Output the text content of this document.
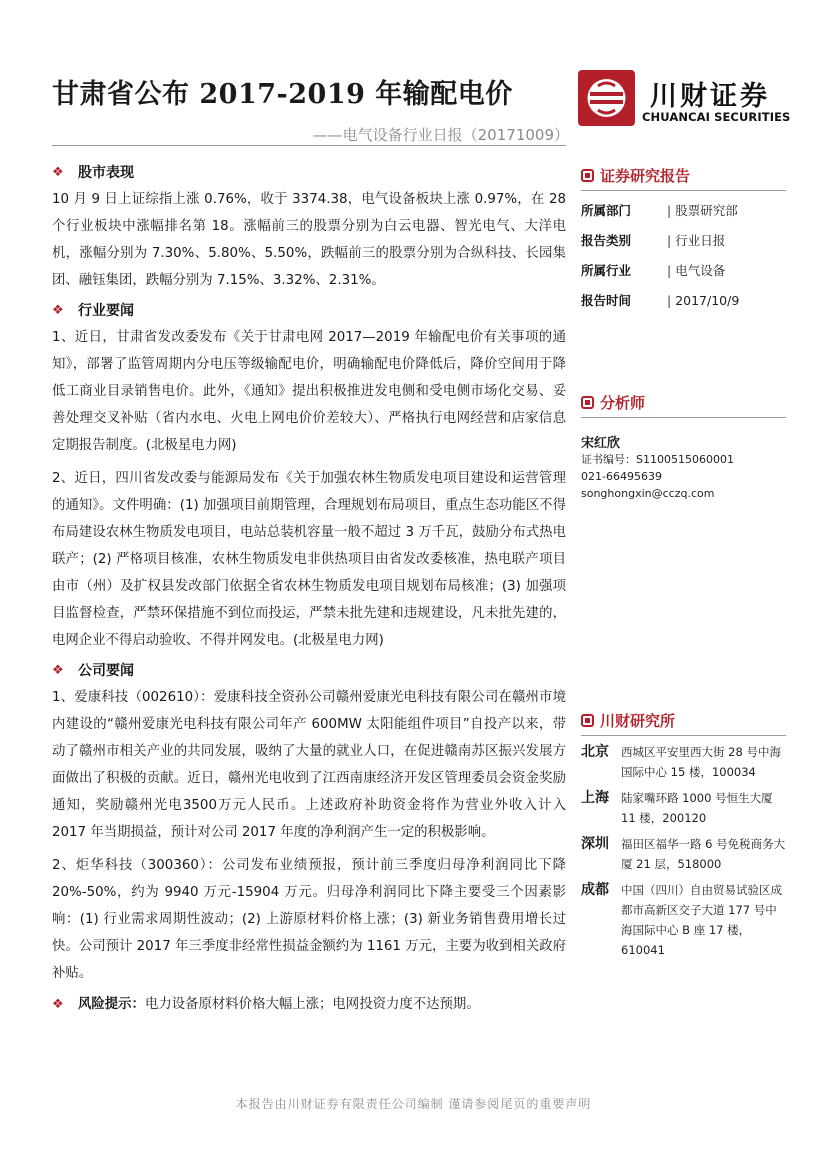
甘肃省公布 2017-2019 年输配电价
——电气设备行业日报（20171009）
川财证券
CHUANCAI SECURITIES
❖	股市表现

10 月 9 日上证综指上涨 0.76%，收于 3374.38，电气设备板块上涨 0.97%，在 28 个行业板块中涨幅排名第 18。涨幅前三的股票分别为白云电器、智光电气、大洋电机，涨幅分别为 7.30%、5.80%、5.50%，跌幅前三的股票分别为合纵科技、长园集团、融钰集团，跌幅分别为 7.15%、3.32%、2.31%。

❖	行业要闻

1、近日，甘肃省发改委发布《关于甘肃电网 2017—2019 年输配电价有关事项的通知》，部署了监管周期内分电压等级输配电价，明确输配电价降低后，降价空间用于降低工商业目录销售电价。此外，《通知》提出积极推进发电侧和受电侧市场化交易、妥善处理交叉补贴（省内水电、火电上网电价价差较大）、严格执行电网经营和店家信息定期报告制度。(北极星电力网)

2、近日，四川省发改委与能源局发布《关于加强农林生物质发电项目建设和运营管理的通知》。文件明确：(1) 加强项目前期管理，合理规划布局项目，重点生态功能区不得布局建设农林生物质发电项目，电站总装机容量一般不超过 3 万千瓦，鼓励分布式热电联产；(2) 严格项目核准，农林生物质发电非供热项目由省发改委核准，热电联产项目由市（州）及扩权县发改部门依据全省农林生物质发电项目规划布局核准；(3) 加强项目监督检查，严禁环保措施不到位而投运，严禁未批先建和违规建设，凡未批先建的，电网企业不得启动验收、不得并网发电。(北极星电力网)

❖	公司要闻

1、爱康科技（002610）：爱康科技全资孙公司赣州爱康光电科技有限公司在赣州市境内建设的“赣州爱康光电科技有限公司年产 600MW 太阳能组件项目”自投产以来，带动了赣州市相关产业的共同发展，吸纳了大量的就业人口，在促进赣南苏区振兴发展方面做出了积极的贡献。近日，赣州光电收到了江西南康经济开发区管理委员会资金奖励通知，奖励赣州光电3500万元人民币。上述政府补助资金将作为营业外收入计入 2017 年当期损益，预计对公司 2017 年度的净利润产生一定的积极影响。

2、炬华科技（300360）：公司发布业绩预报，预计前三季度归母净利润同比下降 20%-50%，约为 9940 万元-15904 万元。归母净利润同比下降主要受三个因素影响：(1) 行业需求周期性波动；(2) 上游原材料价格上涨；(3) 新业务销售费用增长过快。公司预计 2017 年三季度非经常性损益金额约为 1161 万元，主要为收到相关政府补贴。

❖	风险提示：电力设备原材料价格大幅上涨；电网投资力度不达预期。
证券研究报告
所属部门	| 股票研究部
报告类别	| 行业日报
所属行业	| 电气设备
报告时间	| 2017/10/9
分析师
宋红欣
证书编号：S1100515060001
021-66495639
songhongxin@cczq.com
川财研究所
北京	西城区平安里西大街 28 号中海国际中心 15 楼，100034
上海	陆家嘴环路 1000 号恒生大厦 11 楼，200120
深圳	福田区福华一路 6 号免税商务大厦 21 层，518000
成都	中国（四川）自由贸易试验区成都市高新区交子大道 177 号中海国际中心 B 座 17 楼，610041
本报告由川财证券有限责任公司编制 谨请参阅尾页的重要声明
